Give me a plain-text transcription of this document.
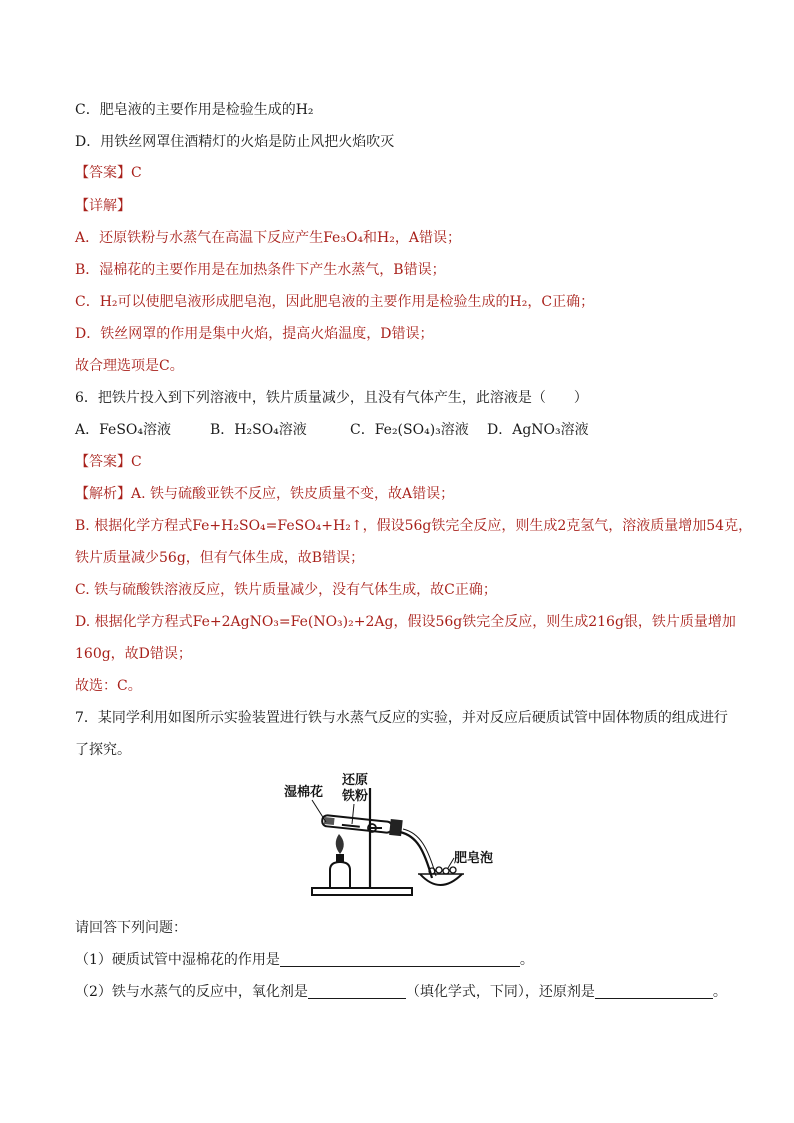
C．肥皂液的主要作用是检验生成的H₂
D．用铁丝网罩住酒精灯的火焰是防止风把火焰吹灭
【答案】C
【详解】
A．还原铁粉与水蒸气在高温下反应产生Fe₃O₄和H₂，A错误；
B．湿棉花的主要作用是在加热条件下产生水蒸气，B错误；
C．H₂可以使肥皂液形成肥皂泡，因此肥皂液的主要作用是检验生成的H₂，C正确；
D．铁丝网罩的作用是集中火焰，提高火焰温度，D错误；
故合理选项是C。
6．把铁片投入到下列溶液中，铁片质量减少，且没有气体产生，此溶液是（　　）
A．FeSO₄溶液	B．H₂SO₄溶液	C．Fe₂(SO₄)₃溶液 D．AgNO₃溶液
【答案】C
【解析】A. 铁与硫酸亚铁不反应，铁皮质量不变，故A错误；
B. 根据化学方程式Fe+H₂SO₄=FeSO₄+H₂↑，假设56g铁完全反应，则生成2克氢气，溶液质量增加54克，
铁片质量减少56g，但有气体生成，故B错误；
C. 铁与硫酸铁溶液反应，铁片质量减少，没有气体生成，故C正确；
D. 根据化学方程式Fe+2AgNO₃=Fe(NO₃)₂+2Ag，假设56g铁完全反应，则生成216g银，铁片质量增加
160g，故D错误；
故选：C。
7．某同学利用如图所示实验装置进行铁与水蒸气反应的实验，并对反应后硬质试管中固体物质的组成进行
了探究。
湿棉花
还原
铁粉
肥皂泡
请回答下列问题：
（1）硬质试管中湿棉花的作用是	。
（2）铁与水蒸气的反应中，氧化剂是	（填化学式，下同），还原剂是	。
